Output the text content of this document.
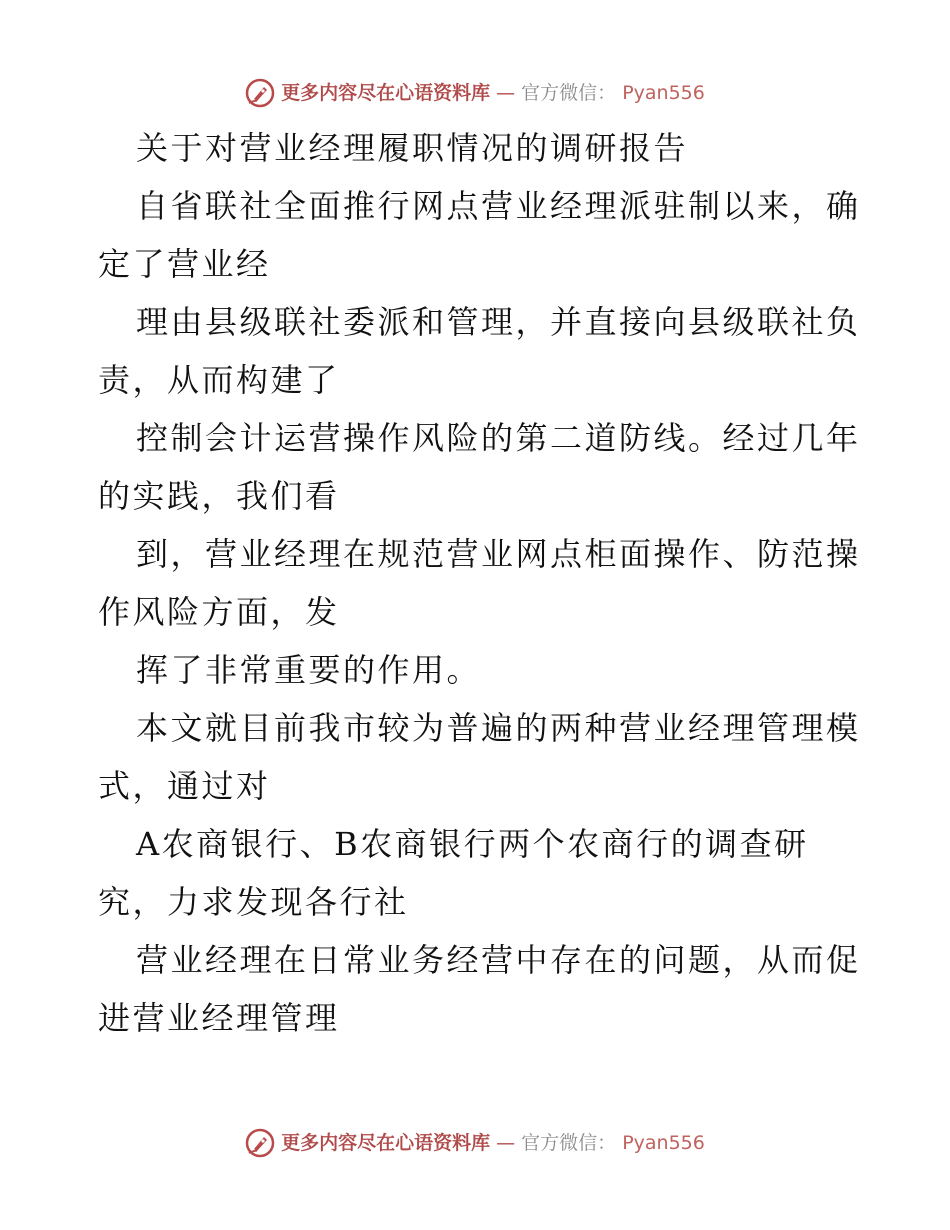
更多内容尽在心语资料库 — 官方微信： Pyan556
关于对营业经理履职情况的调研报告
自省联社全面推行网点营业经理派驻制以来，确
定了营业经
理由县级联社委派和管理，并直接向县级联社负
责，从而构建了
控制会计运营操作风险的第二道防线。经过几年
的实践，我们看
到，营业经理在规范营业网点柜面操作、防范操
作风险方面，发
挥了非常重要的作用。
本文就目前我市较为普遍的两种营业经理管理模
式，通过对
A农商银行、B农商银行两个农商行的调查研
究，力求发现各行社
营业经理在日常业务经营中存在的问题，从而促
进营业经理管理
更多内容尽在心语资料库 — 官方微信： Pyan556
